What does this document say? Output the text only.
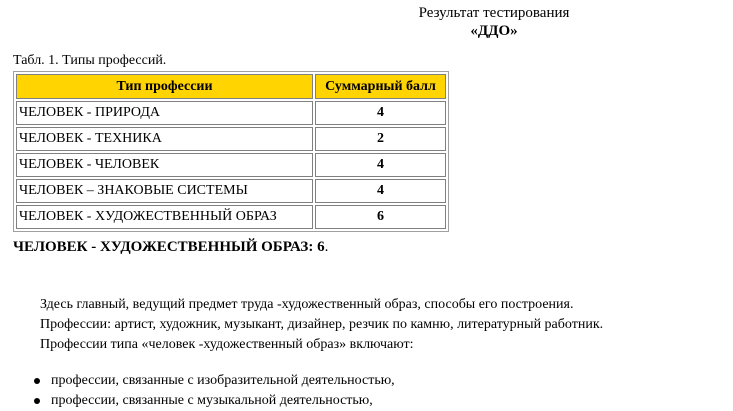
Результат тестирования
«ДДО»
Табл. 1. Типы профессий.
Тип профессии	Суммарный балл
ЧЕЛОВЕК - ПРИРОДА	4
ЧЕЛОВЕК - ТЕХНИКА	2
ЧЕЛОВЕК - ЧЕЛОВЕК	4
ЧЕЛОВЕК – ЗНАКОВЫЕ СИСТЕМЫ	4
ЧЕЛОВЕК - ХУДОЖЕСТВЕННЫЙ ОБРАЗ	6
ЧЕЛОВЕК - ХУДОЖЕСТВЕННЫЙ ОБРАЗ: 6.
Здесь главный, ведущий предмет труда -художественный образ, способы его построения.
Профессии: артист, художник, музыкант, дизайнер, резчик по камню, литературный работник.
Профессии типа «человек -художественный образ» включают:
профессии, связанные с изобразительной деятельностью,
профессии, связанные с музыкальной деятельностью,
